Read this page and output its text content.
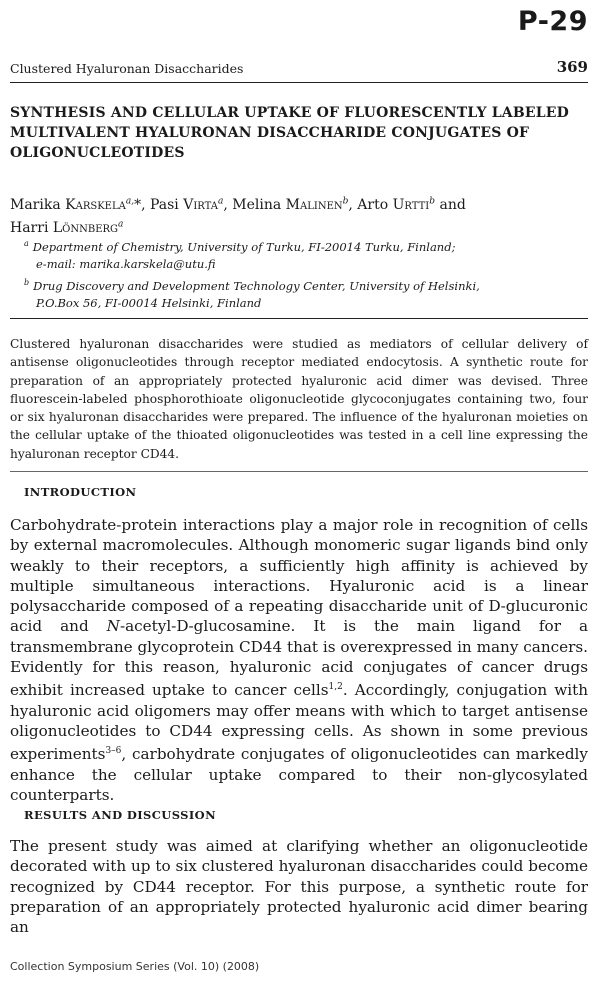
P-29
Clustered Hyaluronan Disaccharides	369
SYNTHESIS AND CELLULAR UPTAKE OF FLUORESCENTLY LABELED MULTIVALENT HYALURONAN DISACCHARIDE CONJUGATES OF OLIGONUCLEOTIDES
Marika Karskela$^{a,}$*, Pasi Virta$^a$, Melina Malinen$^b$, Arto Urtti$^b$ and
Harri Lönnberg$^a$
$^a$ Department of Chemistry, University of Turku, FI-20014 Turku, Finland;
e-mail: marika.karskela@utu.fi
$^b$ Drug Discovery and Development Technology Center, University of Helsinki,
P.O.Box 56, FI-00014 Helsinki, Finland
Clustered hyaluronan disaccharides were studied as mediators of cellular delivery of antisense oligonucleotides through receptor mediated endocytosis. A synthetic route for preparation of an appropriately protected hyaluronic acid dimer was devised. Three fluorescein-labeled phosphorothioate oligonucleotide glycoconjugates containing two, four or six hyaluronan disaccharides were prepared. The influence of the hyaluronan moieties on the cellular uptake of the thioated oligonucleotides was tested in a cell line expressing the hyaluronan receptor CD44.
INTRODUCTION
Carbohydrate-protein interactions play a major role in recognition of cells by external macromolecules. Although monomeric sugar ligands bind only weakly to their receptors, a sufficiently high affinity is achieved by multiple simultaneous interactions. Hyaluronic acid is a linear polysaccharide composed of a repeating disaccharide unit of D-glucuronic acid and N-acetyl-D-glucosamine. It is the main ligand for a transmembrane glycoprotein CD44 that is overexpressed in many cancers. Evidently for this reason, hyaluronic acid conjugates of cancer drugs exhibit increased uptake to cancer cells$^{1,2}$. Accordingly, conjugation with hyaluronic acid oligomers may offer means with which to target antisense oligonucleotides to CD44 expressing cells. As shown in some previous experiments$^{3-6}$, carbohydrate conjugates of oligonucleotides can markedly enhance the cellular uptake compared to their non-glycosylated counterparts.
RESULTS AND DISCUSSION
The present study was aimed at clarifying whether an oligonucleotide decorated with up to six clustered hyaluronan disaccharides could become recognized by CD44 receptor. For this purpose, a synthetic route for preparation of an appropriately protected hyaluronic acid dimer bearing an
Collection Symposium Series (Vol. 10) (2008)
